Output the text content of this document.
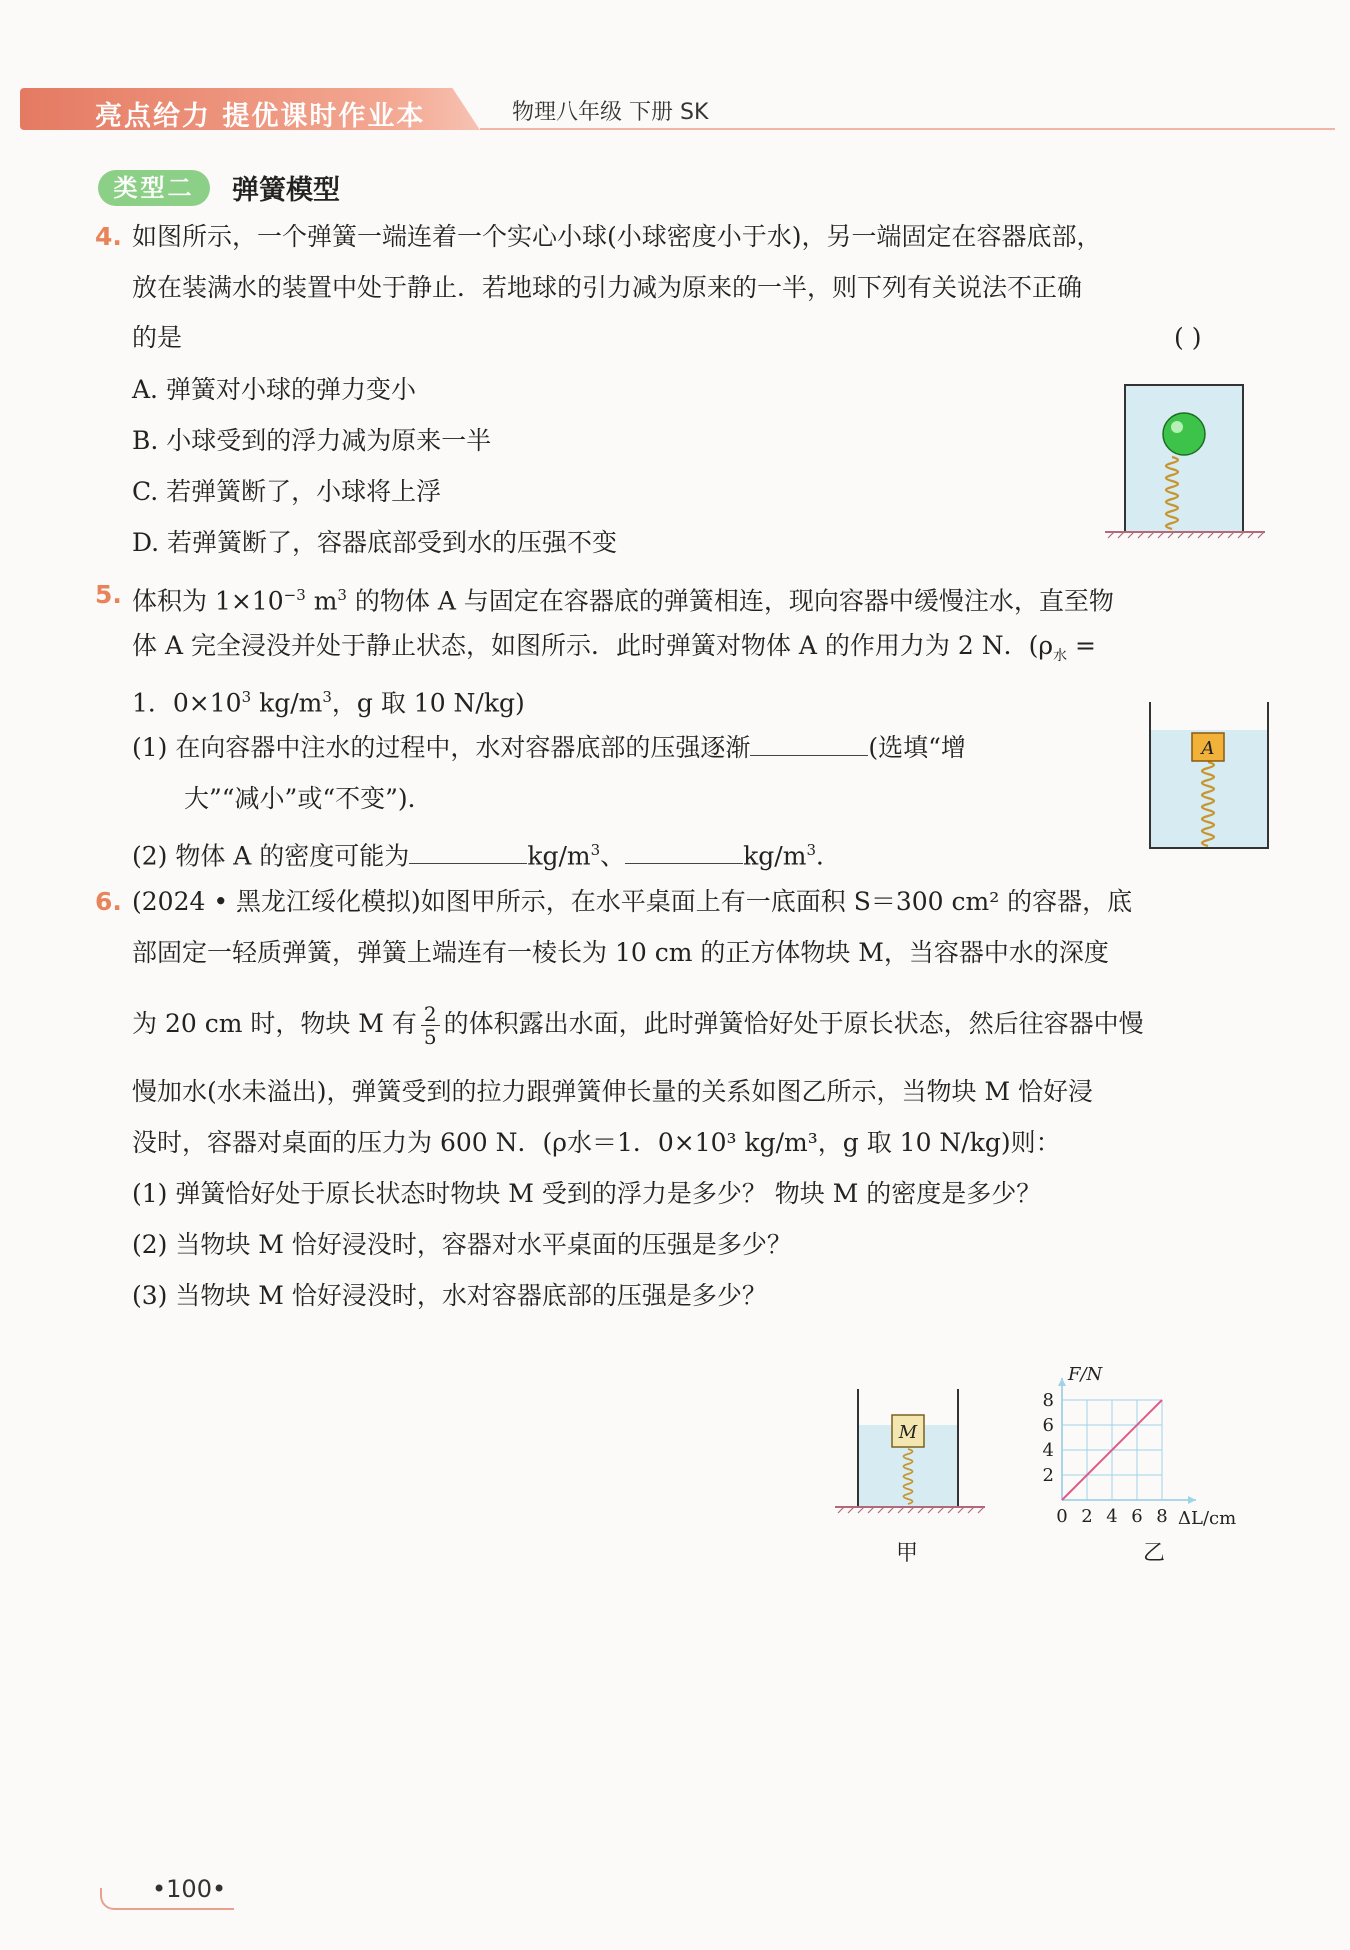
亮点给力 提优课时作业本	物理八年级 下册 SK
类型二	弹簧模型
4. 如图所示，一个弹簧一端连着一个实心小球(小球密度小于水)，另一端固定在容器底部，
放在装满水的装置中处于静止．若地球的引力减为原来的一半，则下列有关说法不正确
的是	( )
A. 弹簧对小球的弹力变小
B. 小球受到的浮力减为原来一半
C. 若弹簧断了，小球将上浮
D. 若弹簧断了，容器底部受到水的压强不变
5. 体积为 $1\times 10^{-3}$ $m^3$ 的物体 A 与固定在容器底的弹簧相连，现向容器中缓慢注水，直至物
体 A 完全浸没并处于静止状态，如图所示．此时弹簧对物体 A 的作用力为 2 N．($\rho_水$ =
1．$0\times 10^3$ $kg/m^3$，g 取 10 N/kg)
(1) 在向容器中注水的过程中，水对容器底部的压强逐渐	(选填“增
大”“减小”或“不变”)．
(2) 物体 A 的密度可能为	$kg/m^3$、	$kg/m^3$．
A
6. (2024 • 黑龙江绥化模拟)如图甲所示，在水平桌面上有一底面积 S＝300 cm² 的容器，底
部固定一轻质弹簧，弹簧上端连有一棱长为 10 cm 的正方体物块 M，当容器中水的深度
为 20 cm 时，物块 M 有 $\frac{2}{5}$ 的体积露出水面，此时弹簧恰好处于原长状态，然后往容器中慢
慢加水(水未溢出)，弹簧受到的拉力跟弹簧伸长量的关系如图乙所示，当物块 M 恰好浸
没时，容器对桌面的压力为 600 N．(ρ水＝1．0×10³ kg/m³，g 取 10 N/kg)则：
(1) 弹簧恰好处于原长状态时物块 M 受到的浮力是多少？ 物块 M 的密度是多少？
(2) 当物块 M 恰好浸没时，容器对水平桌面的压强是多少？
(3) 当物块 M 恰好浸没时，水对容器底部的压强是多少？
M
0 2 4 6 8
2
4
6
8
F/N
ΔL/cm
甲	乙
•100•
